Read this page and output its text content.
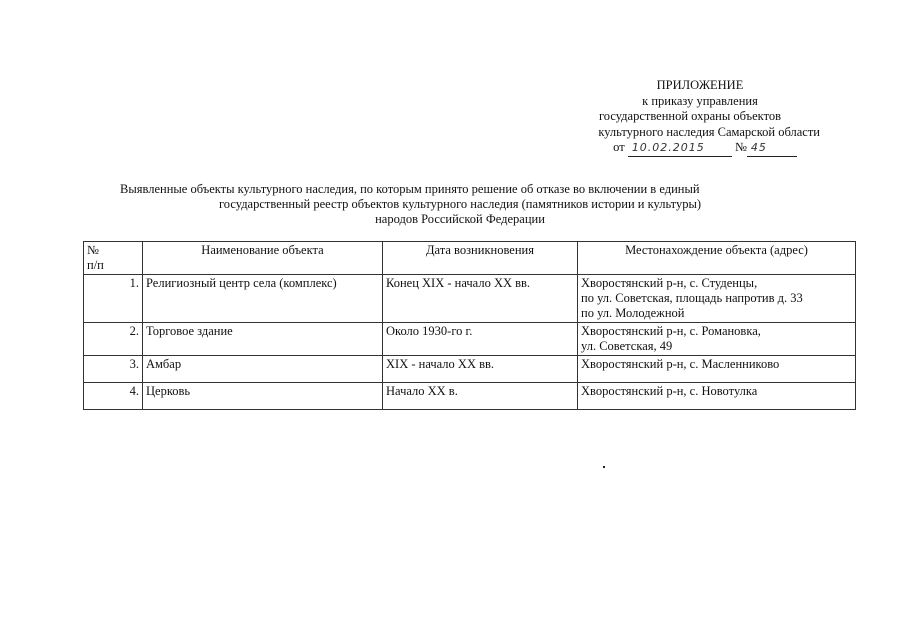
ПРИЛОЖЕНИЕ
к приказу управления
государственной охраны объектов
культурного наследия Самарской области
от 10.02.2015 № 45
Выявленные объекты культурного наследия, по которым принято решение об отказе во включении в единый
государственный реестр объектов культурного наследия (памятников истории и культуры)
народов Российской Федерации
№
п/п	Наименование объекта	Дата возникновения	Местонахождение объекта (адрес)
1.	Религиозный центр села (комплекс)	Конец XIX - начало XX вв.	Хворостянский р-н, с. Студенцы,
по ул. Советская, площадь напротив д. 33
по ул. Молодежной

2.	Торговое здание	Около 1930-го г.	Хворостянский р-н, с. Романовка,
ул. Советская, 49

3.	Амбар	XIX - начало XX вв.	Хворостянский р-н, с. Масленниково

4.	Церковь	Начало XX в.	Хворостянский р-н, с. Новотулка
